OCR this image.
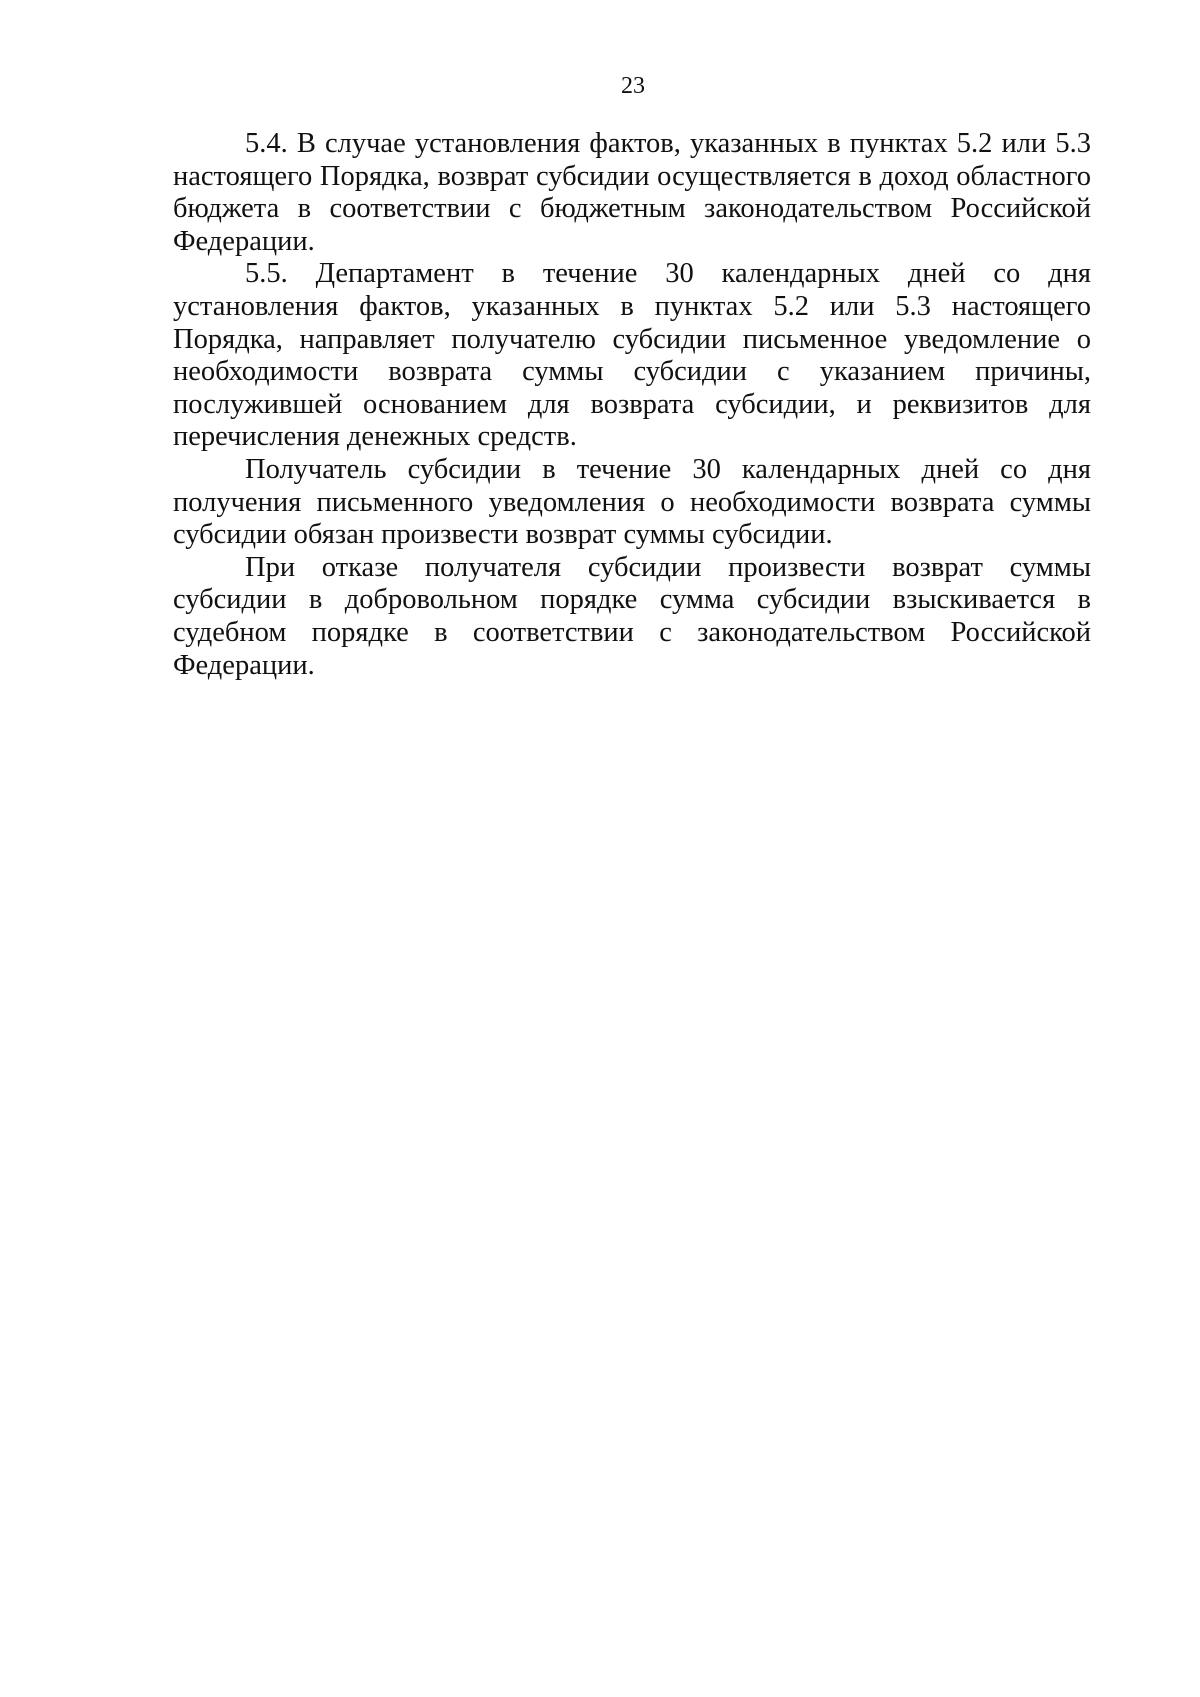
23

5.4. В случае установления фактов, указанных в пунктах 5.2 или 5.3 настоящего Порядка, возврат субсидии осуществляется в доход областного бюджета в соответствии с бюджетным законодательством Российской Федерации.

5.5. Департамент в течение 30 календарных дней со дня установления фактов, указанных в пунктах 5.2 или 5.3 настоящего Порядка, направляет получателю субсидии письменное уведомление о необходимости возврата суммы субсидии с указанием причины, послужившей основанием для возврата субсидии, и реквизитов для перечисления денежных средств.

Получатель субсидии в течение 30 календарных дней со дня получения письменного уведомления о необходимости возврата суммы субсидии обязан произвести возврат суммы субсидии.

При отказе получателя субсидии произвести возврат суммы субсидии в добровольном порядке сумма субсидии взыскивается в судебном порядке в соответствии с законодательством Российской Федерации.
